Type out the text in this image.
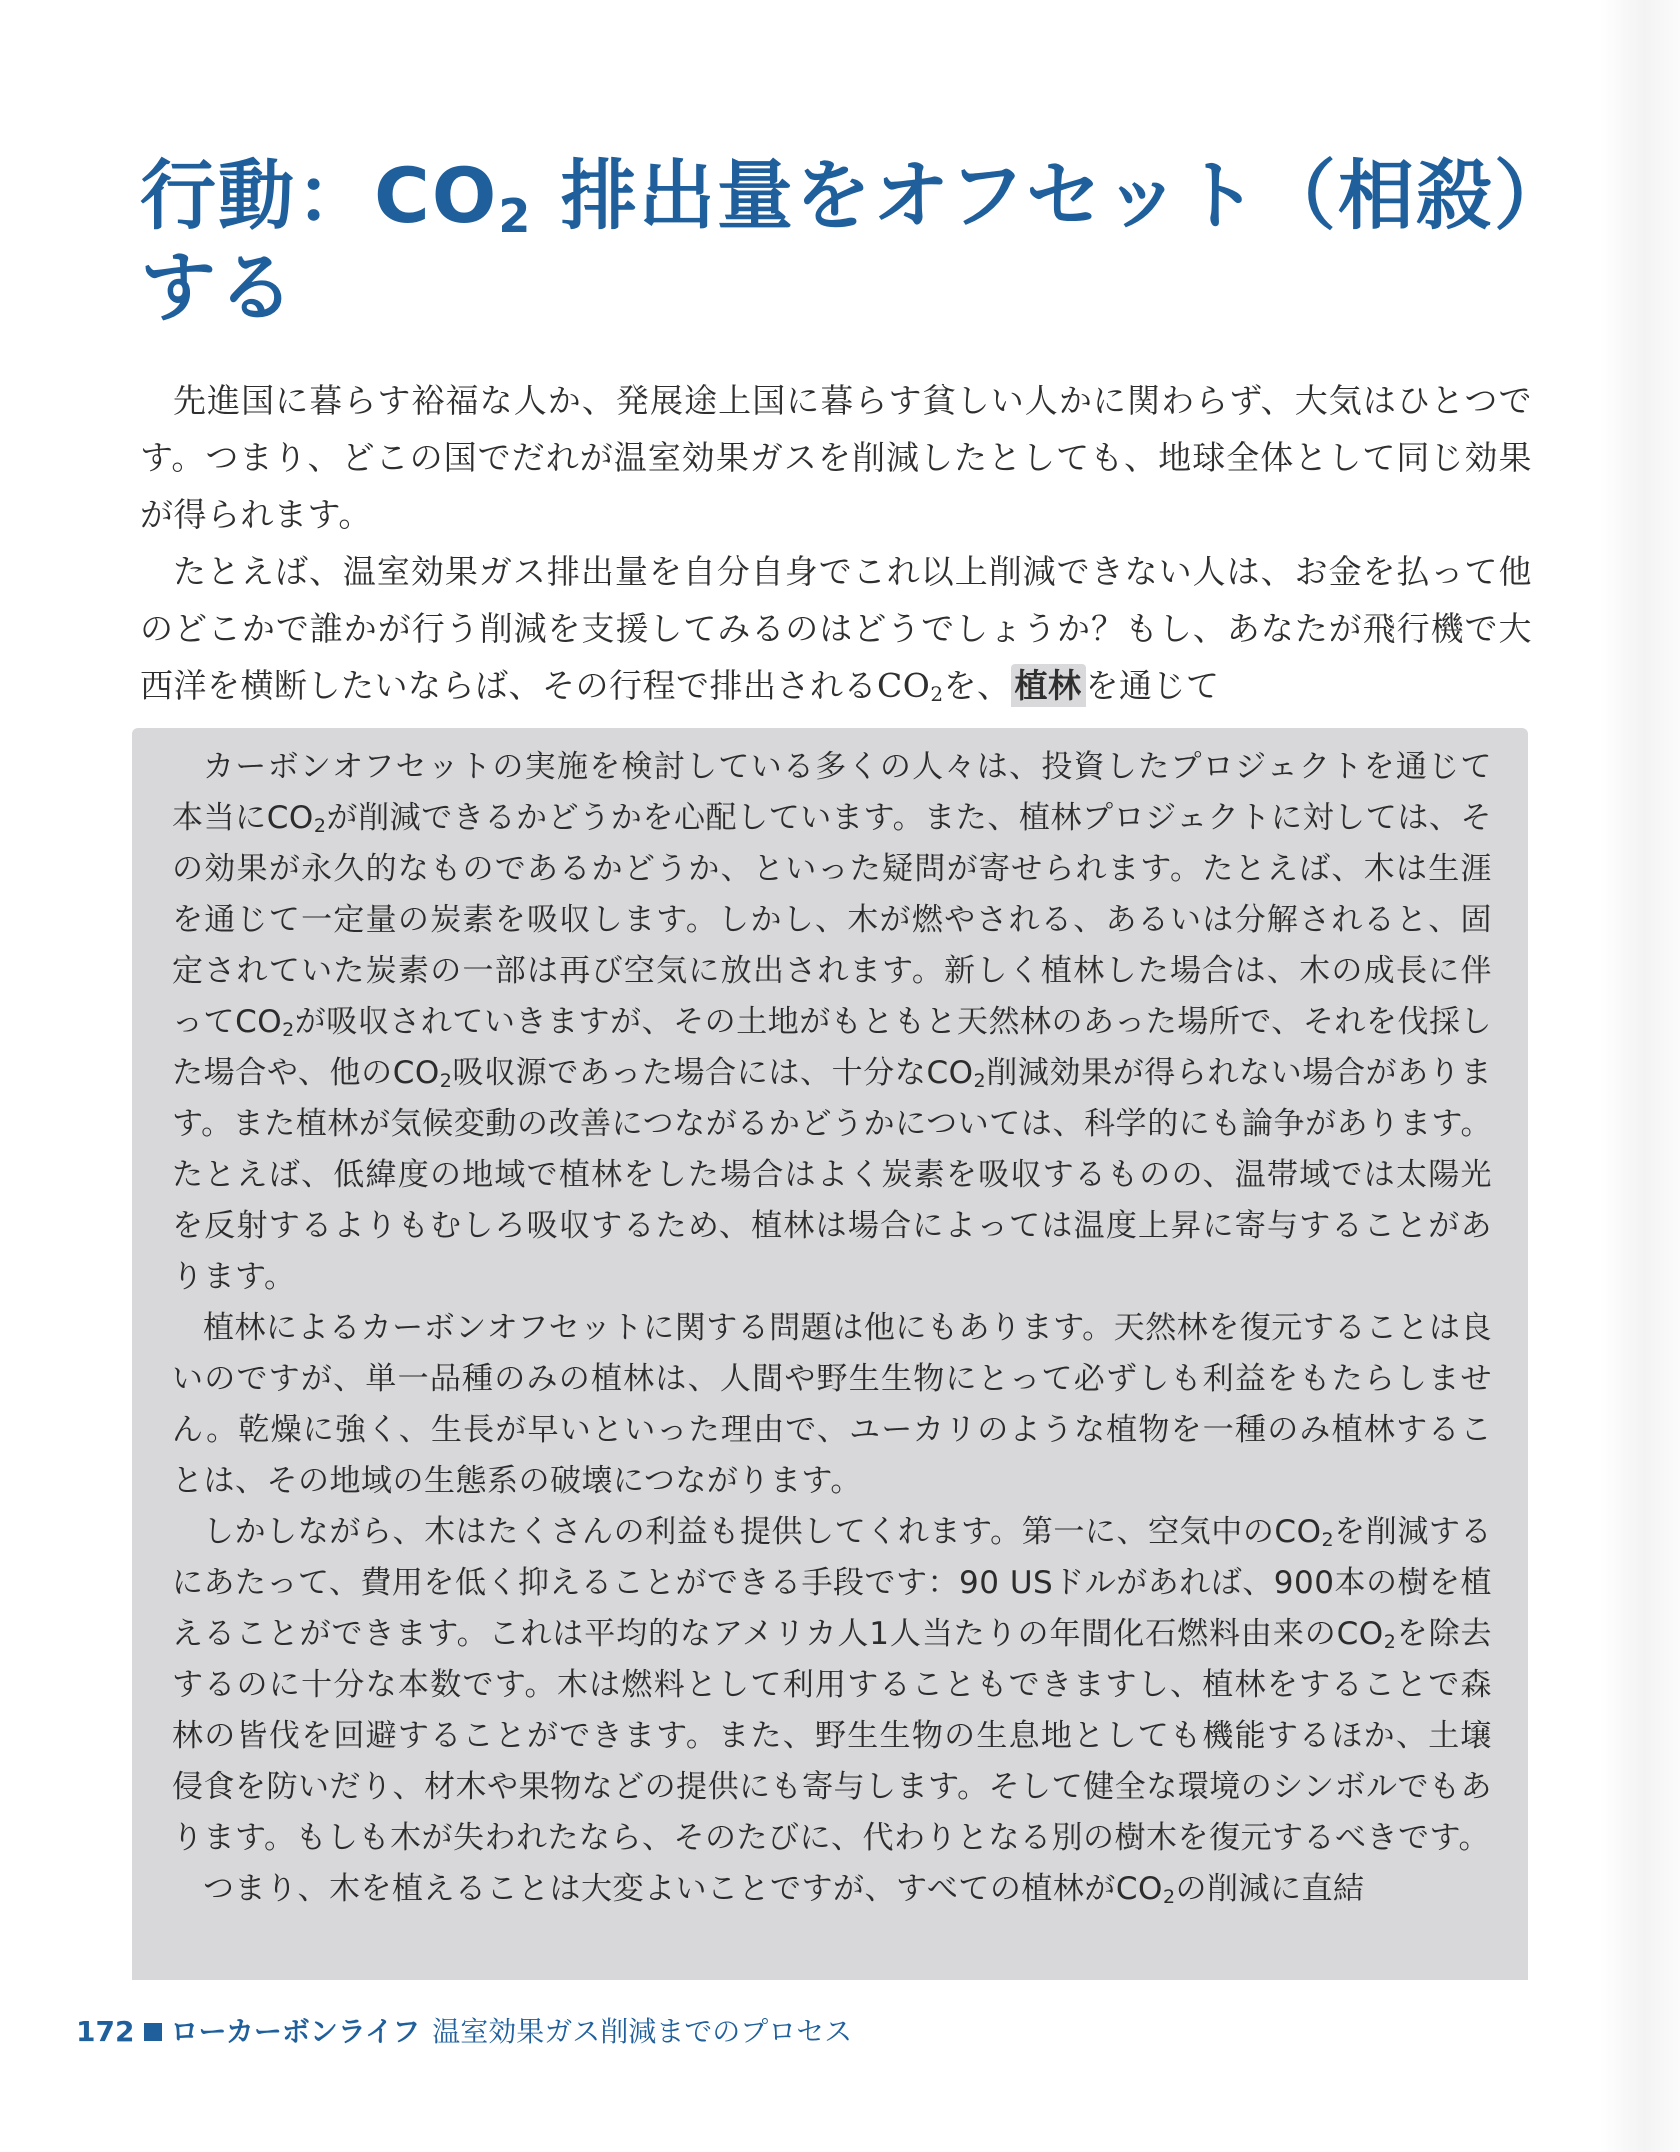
行動：$CO_2$ 排出量をオフセット（相殺）する

先進国に暮らす裕福な人か、発展途上国に暮らす貧しい人かに関わらず、大気はひとつです。つまり、どこの国でだれが温室効果ガスを削減したとしても、地球全体として同じ効果が得られます。

たとえば、温室効果ガス排出量を自分自身でこれ以上削減できない人は、お金を払って他のどこかで誰かが行う削減を支援してみるのはどうでしょうか？もし、あなたが飛行機で大西洋を横断したいならば、その行程で排出される$CO_2$を、 植林 を通じて

カーボンオフセットの実施を検討している多くの人々は、投資したプロジェクトを通じて本当に$CO_2$が削減できるかどうかを心配しています。また、植林プロジェクトに対しては、その効果が永久的なものであるかどうか、といった疑問が寄せられます。たとえば、木は生涯を通じて一定量の炭素を吸収します。しかし、木が燃やされる、あるいは分解されると、固定されていた炭素の一部は再び空気に放出されます。新しく植林した場合は、木の成長に伴って$CO_2$が吸収されていきますが、その土地がもともと天然林のあった場所で、それを伐採した場合や、他の$CO_2$吸収源であった場合には、十分な$CO_2$削減効果が得られない場合があります。また植林が気候変動の改善につながるかどうかについては、科学的にも論争があります。たとえば、低緯度の地域で植林をした場合はよく炭素を吸収するものの、温帯域では太陽光を反射するよりもむしろ吸収するため、植林は場合によっては温度上昇に寄与することがあります。

植林によるカーボンオフセットに関する問題は他にもあります。天然林を復元することは良いのですが、単一品種のみの植林は、人間や野生生物にとって必ずしも利益をもたらしません。乾燥に強く、生長が早いといった理由で、ユーカリのような植物を一種のみ植林することは、その地域の生態系の破壊につながります。

しかしながら、木はたくさんの利益も提供してくれます。第一に、空気中の$CO_2$を削減するにあたって、費用を低く抑えることができる手段です：90 USドルがあれば、900本の樹を植えることができます。これは平均的なアメリカ人1人当たりの年間化石燃料由来の$CO_2$を除去するのに十分な本数です。木は燃料として利用することもできますし、植林をすることで森林の皆伐を回避することができます。また、野生生物の生息地としても機能するほか、土壌侵食を防いだり、材木や果物などの提供にも寄与します。そして健全な環境のシンボルでもあります。もしも木が失われたなら、そのたびに、代わりとなる別の樹木を復元するべきです。

つまり、木を植えることは大変よいことですが、すべての植林が$CO_2$の削減に直結

172 ローカーボンライフ 温室効果ガス削減までのプロセス
